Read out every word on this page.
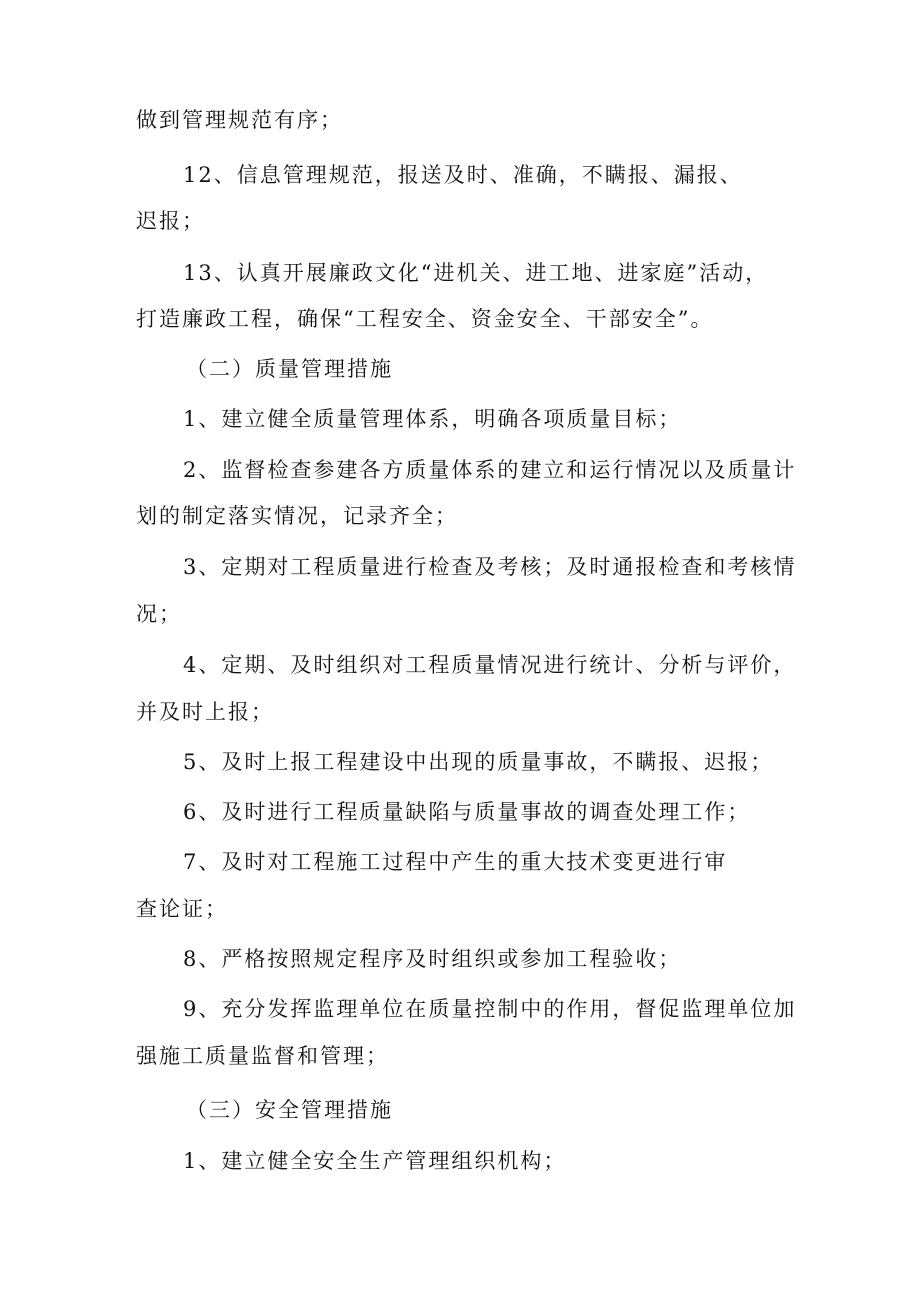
做到管理规范有序；
12、信息管理规范，报送及时、准确，不瞒报、漏报、
迟报；
13、认真开展廉政文化“进机关、进工地、进家庭”活动，
打造廉政工程，确保“工程安全、资金安全、干部安全”。
（二）质量管理措施
1、建立健全质量管理体系，明确各项质量目标；
2、监督检查参建各方质量体系的建立和运行情况以及质量计
划的制定落实情况，记录齐全；
3、定期对工程质量进行检查及考核；及时通报检查和考核情
况；
4、定期、及时组织对工程质量情况进行统计、分析与评价，
并及时上报；
5、及时上报工程建设中出现的质量事故，不瞒报、迟报；
6、及时进行工程质量缺陷与质量事故的调查处理工作；
7、及时对工程施工过程中产生的重大技术变更进行审
查论证；
8、严格按照规定程序及时组织或参加工程验收；
9、充分发挥监理单位在质量控制中的作用，督促监理单位加
强施工质量监督和管理；
（三）安全管理措施
1、建立健全安全生产管理组织机构；
